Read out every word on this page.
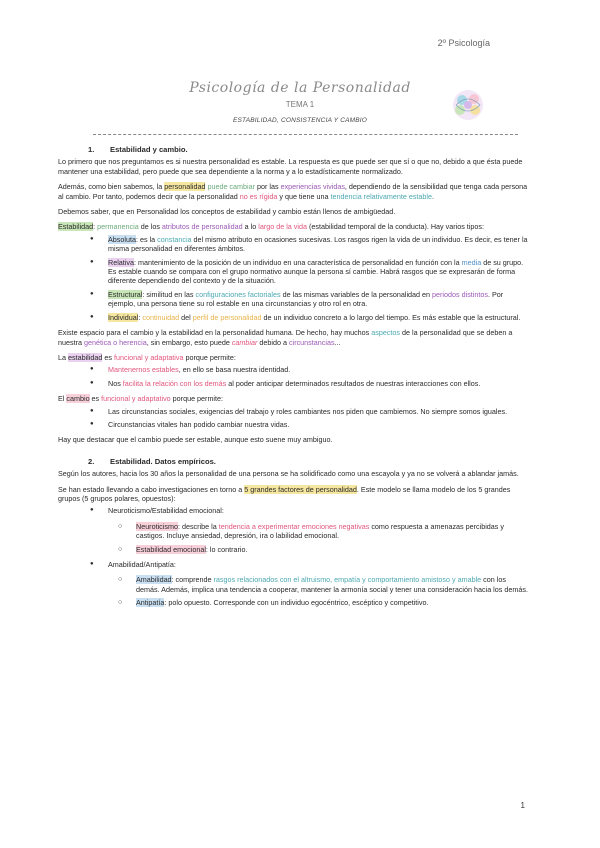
2º Psicología
Psicología de la Personalidad
TEMA 1
ESTABILIDAD, CONSISTENCIA Y CAMBIO
1. Estabilidad y cambio.

Lo primero que nos preguntamos es si nuestra personalidad es estable. La respuesta es que puede ser que sí o que no, debido a que ésta puede mantener una estabilidad, pero puede que sea dependiente a la norma y a lo estadísticamente normalizado.

Además, como bien sabemos, la personalidad puede cambiar por las experiencias vividas, dependiendo de la sensibilidad que tenga cada persona al cambio. Por tanto, podemos decir que la personalidad no es rígida y que tiene una tendencia relativamente estable.

Debemos saber, que en Personalidad los conceptos de estabilidad y cambio están llenos de ambigüedad.

Estabilidad: permanencia de los atributos de personalidad a lo largo de la vida (estabilidad temporal de la conducta). Hay varios tipos:

● Absoluta: es la constancia del mismo atributo en ocasiones sucesivas. Los rasgos rigen la vida de un individuo. Es decir, es tener la misma personalidad en diferentes ámbitos.
● Relativa: mantenimiento de la posición de un individuo en una característica de personalidad en función con la media de su grupo. Es estable cuando se compara con el grupo normativo aunque la persona sí cambie. Habrá rasgos que se expresarán de forma diferente dependiendo del contexto y de la situación.
● Estructural: similitud en las configuraciones factoriales de las mismas variables de la personalidad en periodos distintos. Por ejemplo, una persona tiene su rol estable en una circunstancias y otro rol en otra.
● Individual: continuidad del perfil de personalidad de un individuo concreto a lo largo del tiempo. Es más estable que la estructural.

Existe espacio para el cambio y la estabilidad en la personalidad humana. De hecho, hay muchos aspectos de la personalidad que se deben a nuestra genética o herencia, sin embargo, esto puede cambiar debido a circunstancias...

La estabilidad es funcional y adaptativa porque permite:

● Mantenernos estables, en ello se basa nuestra identidad.
● Nos facilita la relación con los demás al poder anticipar determinados resultados de nuestras interacciones con ellos.

El cambio es funcional y adaptativo porque permite:

● Las circunstancias sociales, exigencias del trabajo y roles cambiantes nos piden que cambiemos. No siempre somos iguales.
● Circunstancias vitales han podido cambiar nuestra vidas.

Hay que destacar que el cambio puede ser estable, aunque esto suene muy ambiguo.

2. Estabilidad. Datos empíricos.

Según los autores, hacia los 30 años la personalidad de una persona se ha solidificado como una escayola y ya no se volverá a ablandar jamás.

Se han estado llevando a cabo investigaciones en torno a 5 grandes factores de personalidad. Este modelo se llama modelo de los 5 grandes grupos (5 grupos polares, opuestos):

● Neuroticismo/Estabilidad emocional:
○ Neuroticismo: describe la tendencia a experimentar emociones negativas como respuesta a amenazas percibidas y castigos. Incluye ansiedad, depresión, ira o labilidad emocional.
○ Estabilidad emocional: lo contrario.
● Amabilidad/Antipatía:
○ Amabilidad: comprende rasgos relacionados con el altruismo, empatía y comportamiento amistoso y amable con los demás. Además, implica una tendencia a cooperar, mantener la armonía social y tener una consideración hacia los demás.
○ Antipatía: polo opuesto. Corresponde con un individuo egocéntrico, escéptico y competitivo.
1
